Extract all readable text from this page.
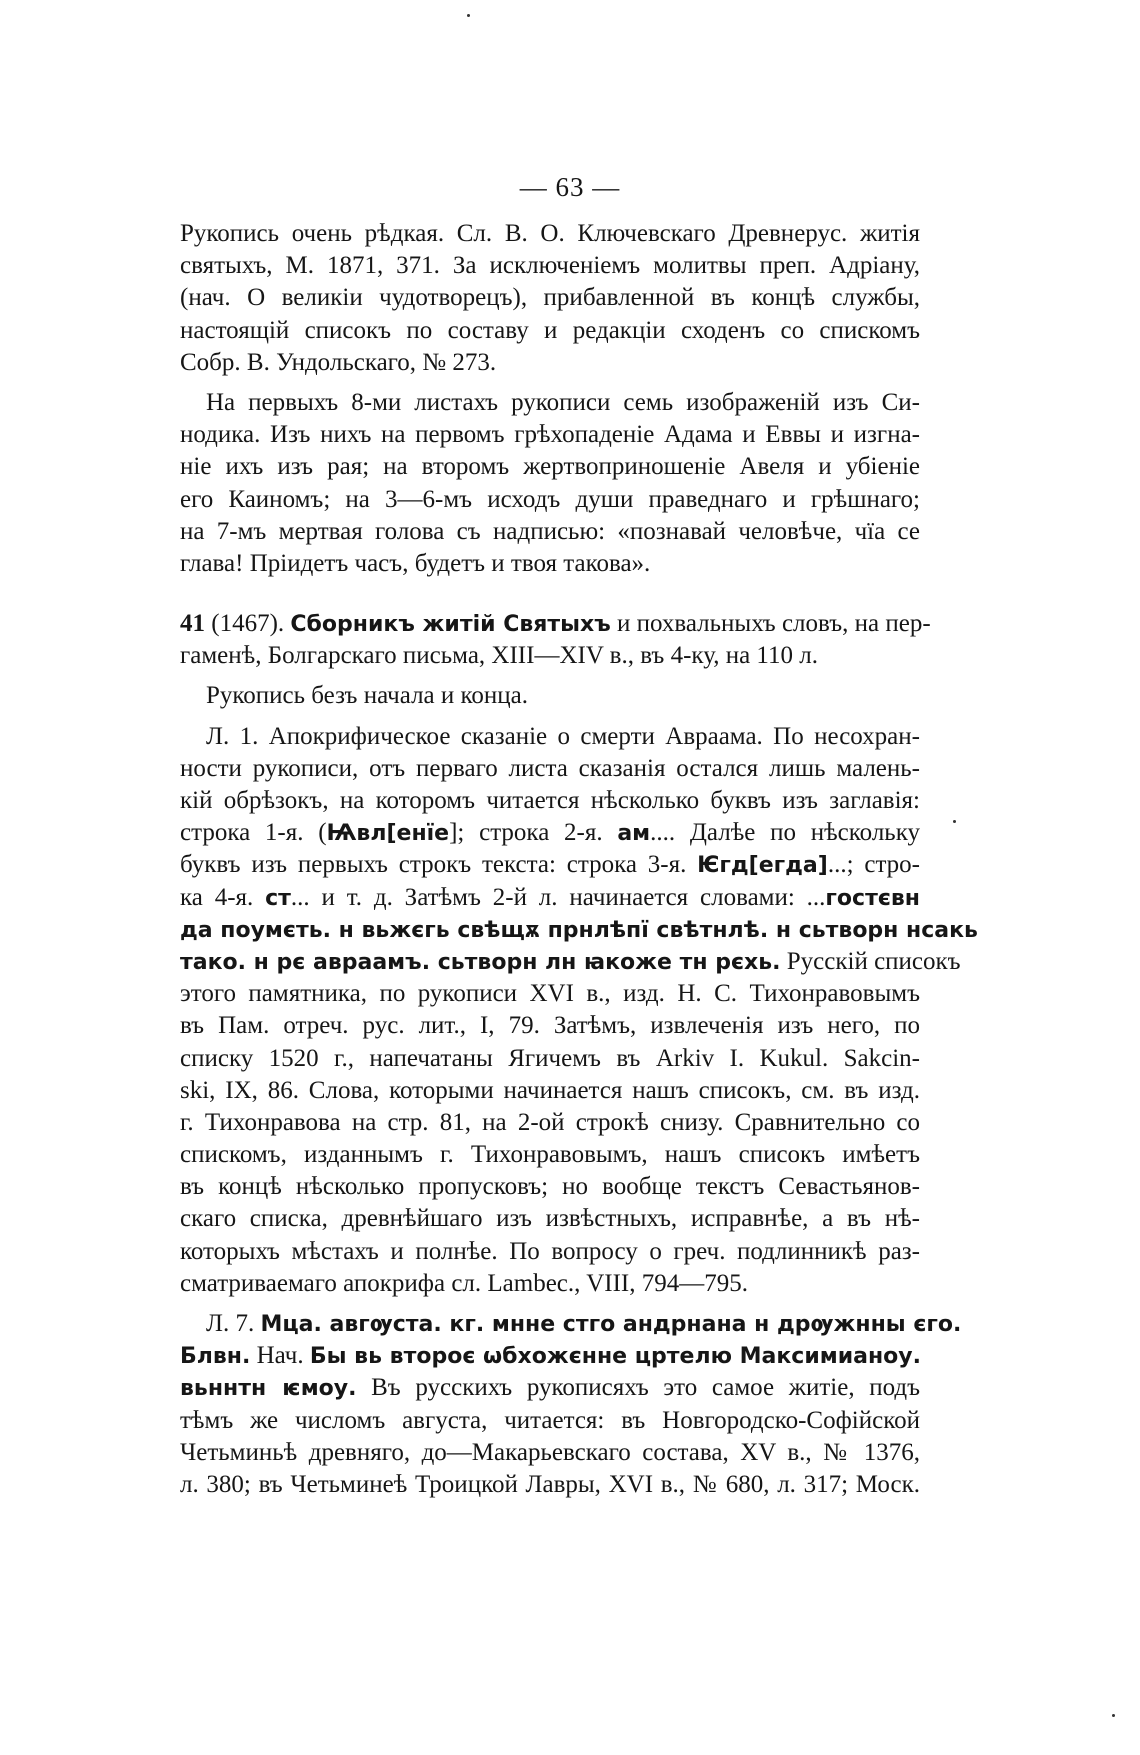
— 63 —
Рукопись очень рѣдкая. Сл. В. О. Ключевскаго Древнерус. житія
святыхъ, М. 1871, 371. За исключеніемъ молитвы преп. Адріану,
(нач. О великіи чудотворецъ), прибавленной въ концѣ службы,
настоящій списокъ по составу и редакціи сходенъ со спискомъ
Собр. В. Ундольскаго, № 273.
На первыхъ 8-ми листахъ рукописи семь изображеній изъ Си-
нодика. Изъ нихъ на первомъ грѣхопаденіе Адама и Еввы и изгна-
ніе ихъ изъ рая; на второмъ жертвоприношеніе Авеля и убіеніе
его Каиномъ; на 3—6-мъ исходъ души праведнаго и грѣшнаго;
на 7-мъ мертвая голова съ надписью: «познавай человѣче, чїа се
глава! Пріидетъ часъ, будетъ и твоя такова».
41 (1467). Сборникъ житій Святыхъ и похвальныхъ словъ, на пер-
гаменѣ, Болгарскаго письма, XIII—XIV в., въ 4-ку, на 110 л.
Рукопись безъ начала и конца.
Л. 1. Апокрифическое сказаніе о смерти Авраама. По несохран-
ности рукописи, отъ перваго листа сказанія остался лишь малень-
кій обрѣзокъ, на которомъ читается нѣсколько буквъ изъ заглавія:
строка 1-я. (Ѩвл[енїе]; строка 2-я. ам.... Далѣе по нѣскольку
буквъ изъ первыхъ строкъ текста: строка 3-я. Ѥгд[егда]...; стро-
ка 4-я. ст... и т. д. Затѣмъ 2-й л. начинается словами: ...гостєвн
да поумєть. н вьжєгь свѣщѫ прнлѣпї свѣтнлѣ. н сьтворн нсакь
тако. н рє авраамъ. сьтворн лн ꙗкоже тн рєхь. Русскій списокъ
этого памятника, по рукописи XVI в., изд. Н. С. Тихонравовымъ
въ Пам. отреч. рус. лит., I, 79. Затѣмъ, извлеченія изъ него, по
списку 1520 г., напечатаны Ягичемъ въ Arkiv I. Kukul. Sakcin-
ski, IX, 86. Слова, которыми начинается нашъ списокъ, см. въ изд.
г. Тихонравова на стр. 81, на 2-ой строкѣ снизу. Сравнительно со
спискомъ, изданнымъ г. Тихонравовымъ, нашъ списокъ имѣетъ
въ концѣ нѣсколько пропусковъ; но вообще текстъ Севастьянов-
скаго списка, древнѣйшаго изъ извѣстныхъ, исправнѣе, а въ нѣ-
которыхъ мѣстахъ и полнѣе. По вопросу о греч. подлинникѣ раз-
сматриваемаго апокрифа сл. Lambec., VIII, 794—795.
Л. 7. Мца. авгѹста. кг. мнне стго андрнана н дрѹжнны єго.
Блвн. Нач. Бы вь второє ѡбхожєнне цртелю Максимианоу.
вьннтн ѥмоу. Въ русскихъ рукописяхъ это самое житіе, подъ
тѣмъ же числомъ августа, читается: въ Новгородско-Софійской
Четьминьѣ древняго, до—Макарьевскаго состава, XV в., № 1376,
л. 380; въ Четьминеѣ Троицкой Лавры, XVI в., № 680, л. 317; Моск.
